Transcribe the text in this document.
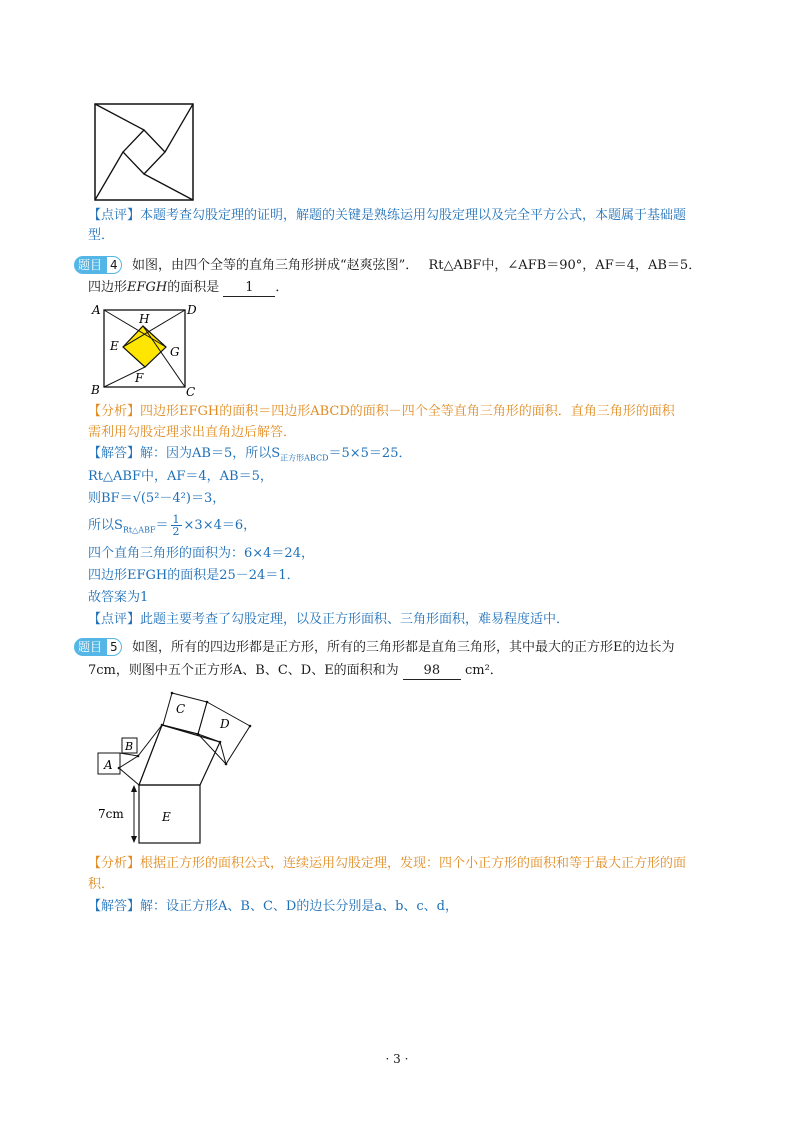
【点评】本题考查勾股定理的证明，解题的关键是熟练运用勾股定理以及完全平方公式，本题属于基础题
型．
题目 4	如图，由四个全等的直角三角形拼成“赵爽弦图”． Rt△ABF中，∠AFB＝90°，AF＝4，AB＝5．
四边形EFGH的面积是 1 ．
A	D
B	C
H
E	G
F
【分析】四边形EFGH的面积＝四边形ABCD的面积－四个全等直角三角形的面积．直角三角形的面积
需利用勾股定理求出直角边后解答．
【解答】解：因为AB＝5，所以$S_{正方形ABCD}=5\times 5=25$．
Rt△ABF中，AF＝4，AB＝5，
则BF＝√(5²－4²)＝3，
所以$S_{Rt\triangle ABF}= \frac{1}{2} \times 3\times 4=6$，
四个直角三角形的面积为：6×4＝24，
四边形EFGH的面积是25－24＝1．
故答案为1
【点评】此题主要考查了勾股定理，以及正方形面积、三角形面积，难易程度适中．
题目 5	如图，所有的四边形都是正方形，所有的三角形都是直角三角形，其中最大的正方形E的边长为
7cm，则图中五个正方形A、B、C、D、E的面积和为 98 cm²．
C
D
B
A
E
7cm
【分析】根据正方形的面积公式，连续运用勾股定理，发现：四个小正方形的面积和等于最大正方形的面
积．
【解答】解：设正方形A、B、C、D的边长分别是a、b、c、d，
· 3 ·
